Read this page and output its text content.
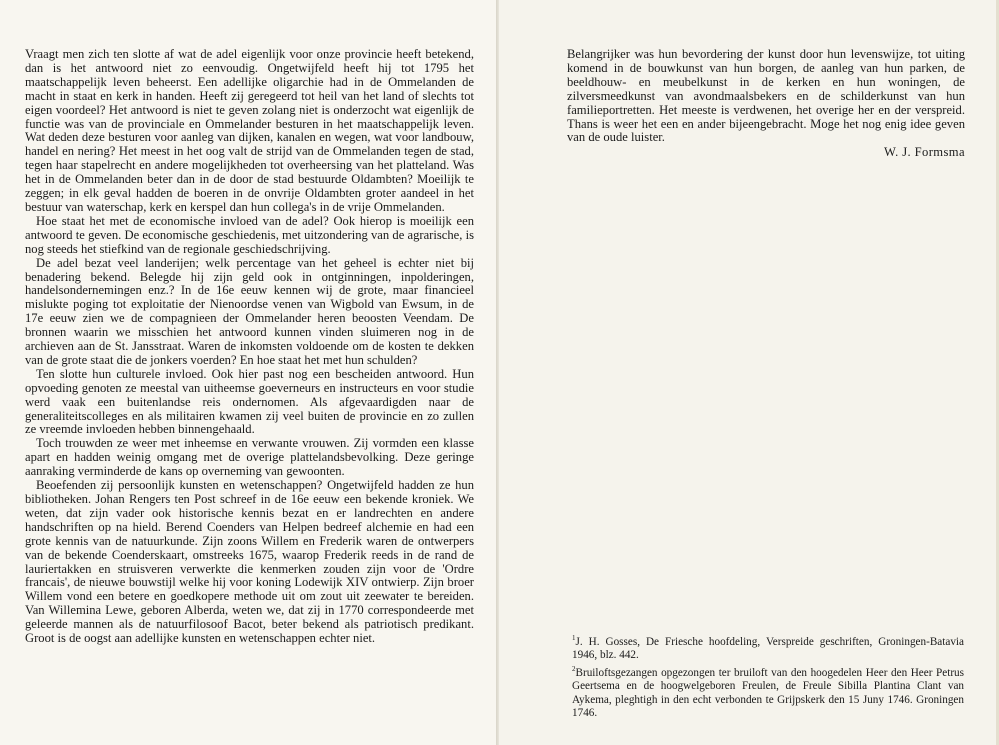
Vraagt men zich ten slotte af wat de adel eigenlijk voor onze provincie heeft betekend, dan is het antwoord niet zo eenvoudig. Ongetwijfeld heeft hij tot 1795 het maatschappelijk leven beheerst. Een adellijke oligarchie had in de Ommelanden de macht in staat en kerk in handen. Heeft zij geregeerd tot heil van het land of slechts tot eigen voordeel? Het antwoord is niet te geven zolang niet is onderzocht wat eigenlijk de functie was van de provinciale en Ommelander besturen in het maatschappelijk leven. Wat deden deze besturen voor aanleg van dijken, kanalen en wegen, wat voor landbouw, handel en nering? Het meest in het oog valt de strijd van de Ommelanden tegen de stad, tegen haar stapelrecht en andere mogelijkheden tot overheersing van het platteland. Was het in de Ommelanden beter dan in de door de stad bestuurde Oldambten? Moeilijk te zeggen; in elk geval hadden de boeren in de onvrije Oldambten groter aandeel in het bestuur van waterschap, kerk en kerspel dan hun collega's in de vrije Ommelanden.

Hoe staat het met de economische invloed van de adel? Ook hierop is moeilijk een antwoord te geven. De economische geschiedenis, met uitzondering van de agrarische, is nog steeds het stiefkind van de regionale geschiedschrijving.

De adel bezat veel landerijen; welk percentage van het geheel is echter niet bij benadering bekend. Belegde hij zijn geld ook in ontginningen, inpolderingen, handelsondernemingen enz.? In de 16e eeuw kennen wij de grote, maar financieel mislukte poging tot exploitatie der Nienoordse venen van Wigbold van Ewsum, in de 17e eeuw zien we de compagnieen der Ommelander heren beoosten Veendam. De bronnen waarin we misschien het antwoord kunnen vinden sluimeren nog in de archieven aan de St. Jansstraat. Waren de inkomsten voldoende om de kosten te dekken van de grote staat die de jonkers voerden? En hoe staat het met hun schulden?

Ten slotte hun culturele invloed. Ook hier past nog een bescheiden antwoord. Hun opvoeding genoten ze meestal van uitheemse goeverneurs en instructeurs en voor studie werd vaak een buitenlandse reis ondernomen. Als afgevaardigden naar de generaliteitscolleges en als militairen kwamen zij veel buiten de provincie en zo zullen ze vreemde invloeden hebben binnengehaald.

Toch trouwden ze weer met inheemse en verwante vrouwen. Zij vormden een klasse apart en hadden weinig omgang met de overige plattelandsbevolking. Deze geringe aanraking verminderde de kans op overneming van gewoonten.

Beoefenden zij persoonlijk kunsten en wetenschappen? Ongetwijfeld hadden ze hun bibliotheken. Johan Rengers ten Post schreef in de 16e eeuw een bekende kroniek. We weten, dat zijn vader ook historische kennis bezat en er landrechten en andere handschriften op na hield. Berend Coenders van Helpen bedreef alchemie en had een grote kennis van de natuurkunde. Zijn zoons Willem en Frederik waren de ontwerpers van de bekende Coenderskaart, omstreeks 1675, waarop Frederik reeds in de rand de lauriertakken en struisveren verwerkte die kenmerken zouden zijn voor de 'Ordre francais', de nieuwe bouwstijl welke hij voor koning Lodewijk XIV ontwierp. Zijn broer Willem vond een betere en goedkopere methode uit om zout uit zeewater te bereiden. Van Willemina Lewe, geboren Alberda, weten we, dat zij in 1770 correspondeerde met geleerde mannen als de natuurfilosoof Bacot, beter bekend als patriotisch predikant. Groot is de oogst aan adellijke kunsten en wetenschappen echter niet.

Belangrijker was hun bevordering der kunst door hun levenswijze, tot uiting komend in de bouwkunst van hun borgen, de aanleg van hun parken, de beeldhouw- en meubelkunst in de kerken en hun woningen, de zilversmeedkunst van avondmaalsbekers en de schilderkunst van hun familieportretten. Het meeste is verdwenen, het overige her en der verspreid. Thans is weer het een en ander bijeengebracht. Moge het nog enig idee geven van de oude luister.

W. J. Formsma

$^1$J. H. Gosses, De Friesche hoofdeling, Verspreide geschriften, Groningen-Batavia 1946, blz. 442.

$^2$Bruiloftsgezangen opgezongen ter bruiloft van den hoogedelen Heer den Heer Petrus Geertsema en de hoogwelgeboren Freulen, de Freule Sibilla Plantina Clant van Aykema, pleghtigh in den echt verbonden te Grijpskerk den 15 Juny 1746. Groningen 1746.
